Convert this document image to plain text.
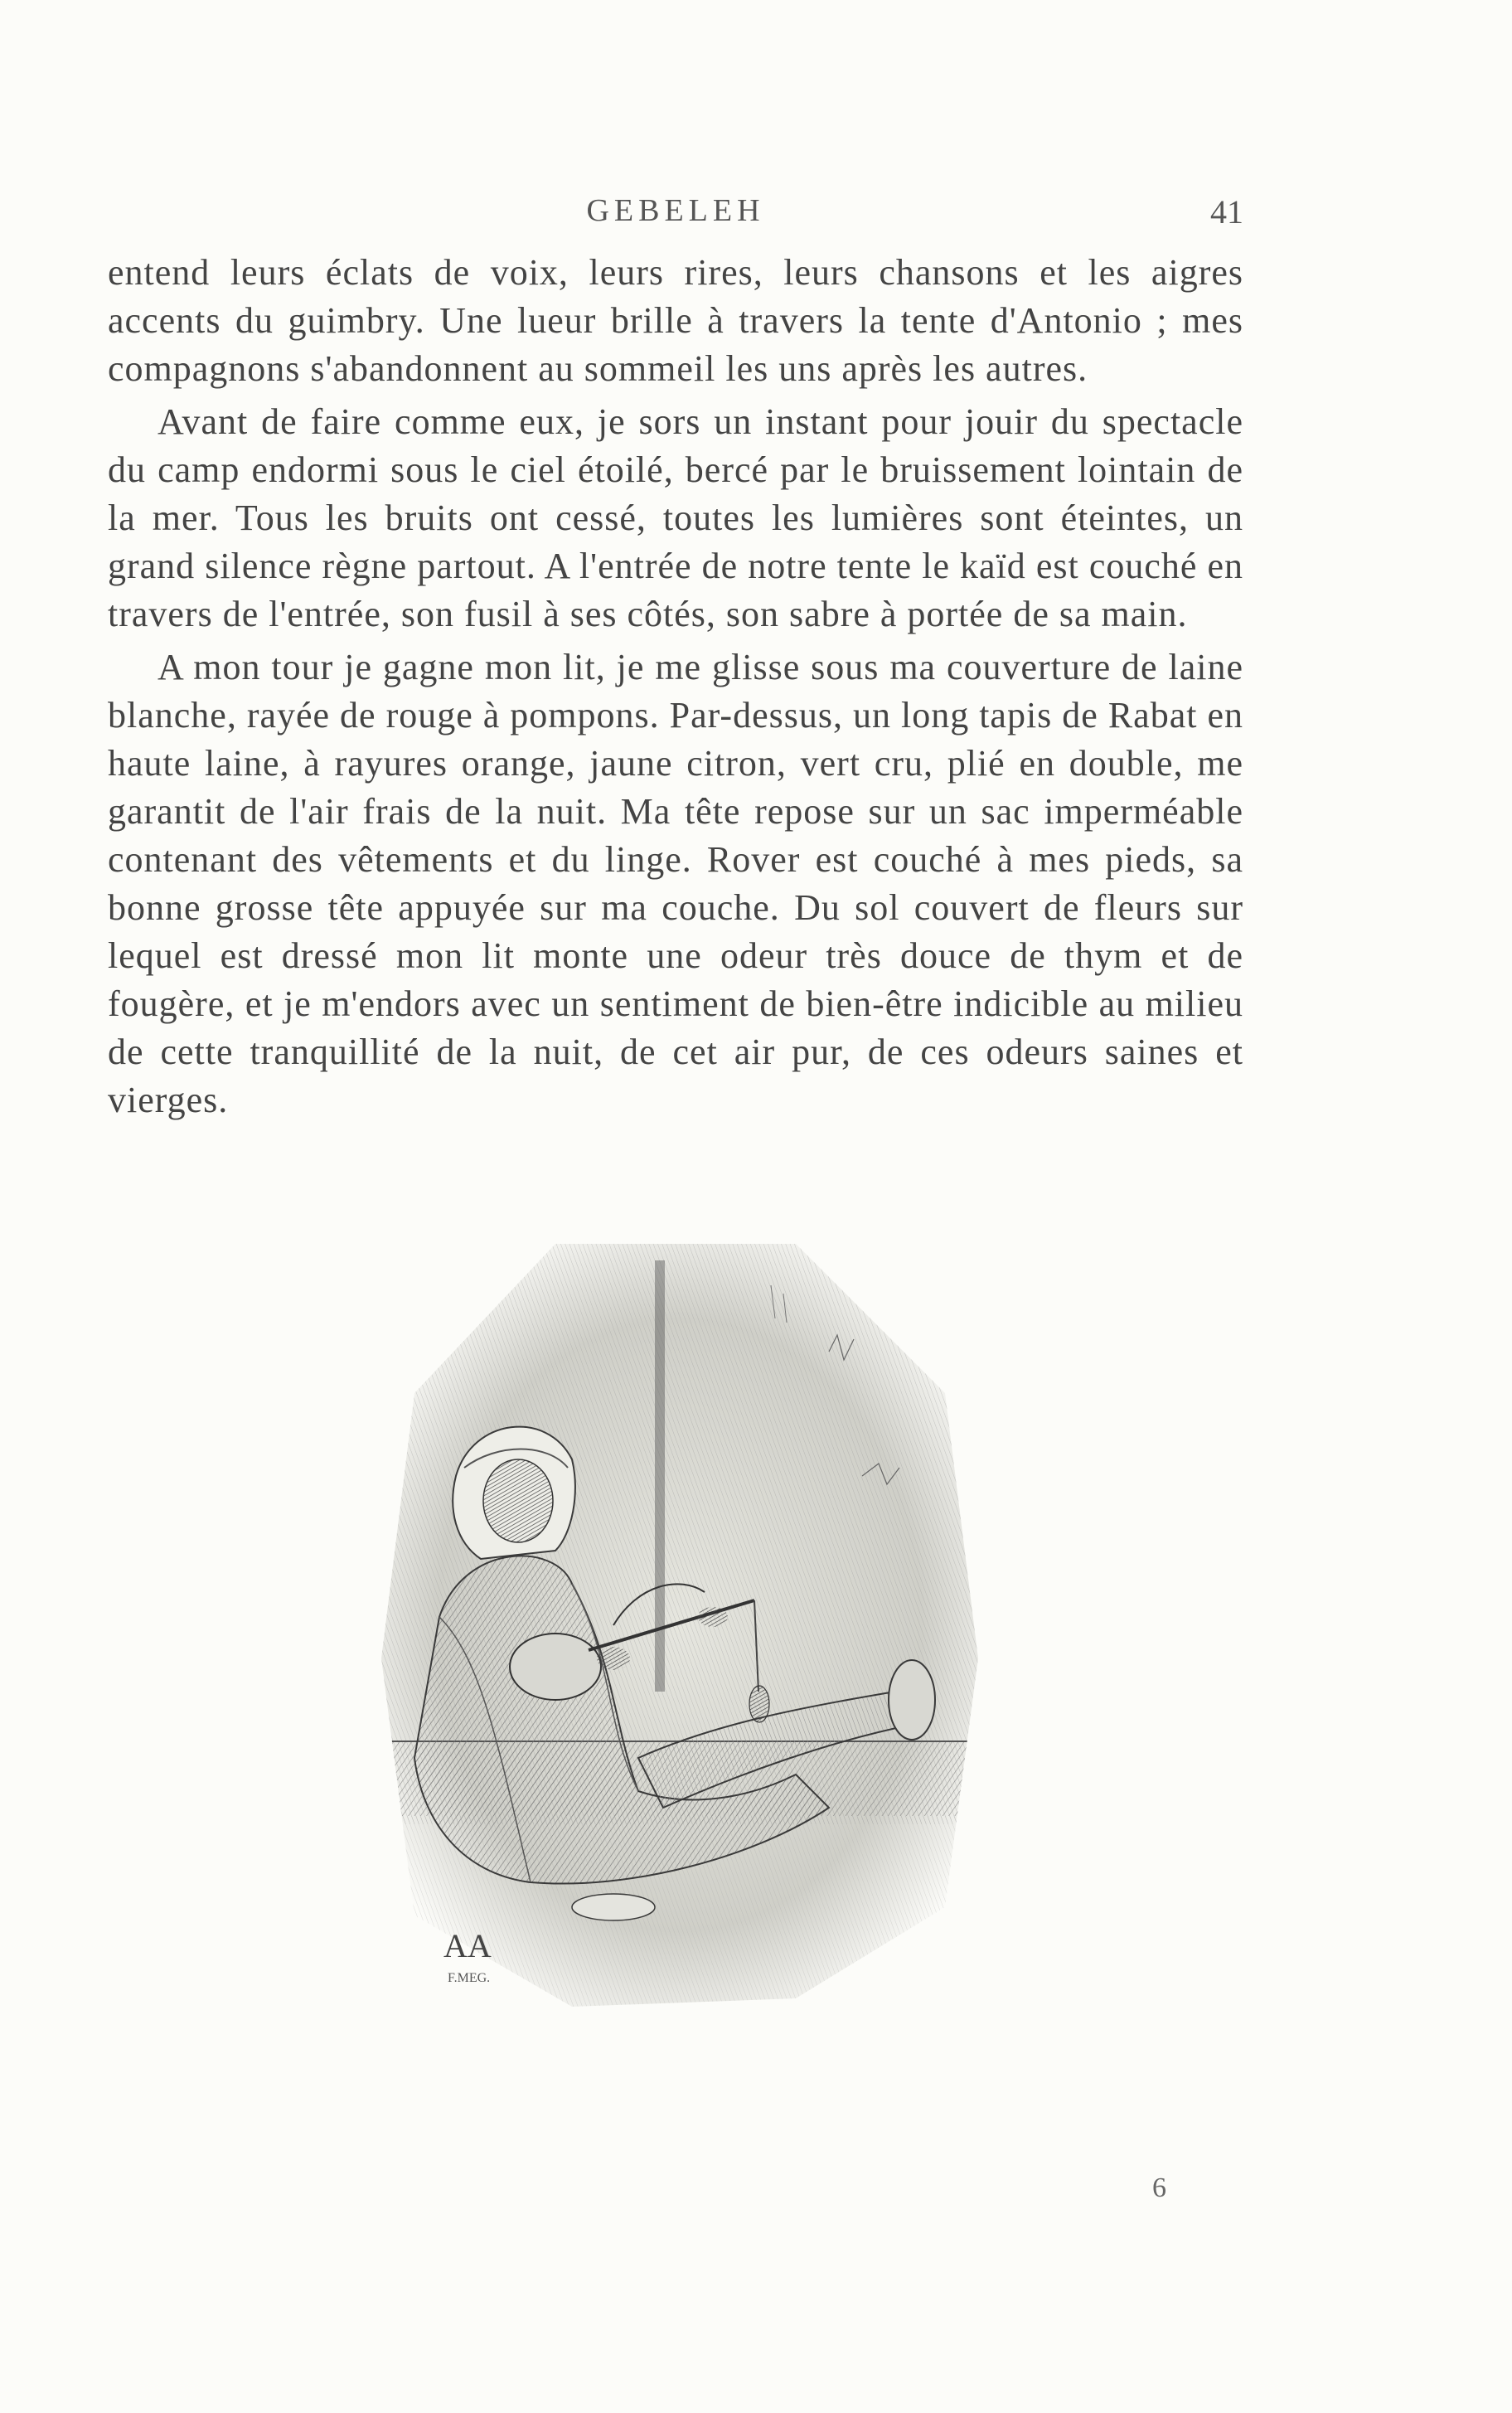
GEBELEH	41

entend leurs éclats de voix, leurs rires, leurs chansons et les aigres accents du guimbry. Une lueur brille à travers la tente d'Antonio ; mes compagnons s'abandonnent au sommeil les uns après les autres.

Avant de faire comme eux, je sors un instant pour jouir du spectacle du camp endormi sous le ciel étoilé, bercé par le bruissement lointain de la mer. Tous les bruits ont cessé, toutes les lumières sont éteintes, un grand silence règne partout. A l'entrée de notre tente le kaïd est couché en travers de l'entrée, son fusil à ses côtés, son sabre à portée de sa main.

A mon tour je gagne mon lit, je me glisse sous ma couverture de laine blanche, rayée de rouge à pompons. Par-dessus, un long tapis de Rabat en haute laine, à rayures orange, jaune citron, vert cru, plié en double, me garantit de l'air frais de la nuit. Ma tête repose sur un sac imperméable contenant des vêtements et du linge. Rover est couché à mes pieds, sa bonne grosse tête appuyée sur ma couche. Du sol couvert de fleurs sur lequel est dressé mon lit monte une odeur très douce de thym et de fougère, et je m'endors avec un sentiment de bien-être indicible au milieu de cette tranquillité de la nuit, de cet air pur, de ces odeurs saines et vierges.

AA
F.MEG.
6
